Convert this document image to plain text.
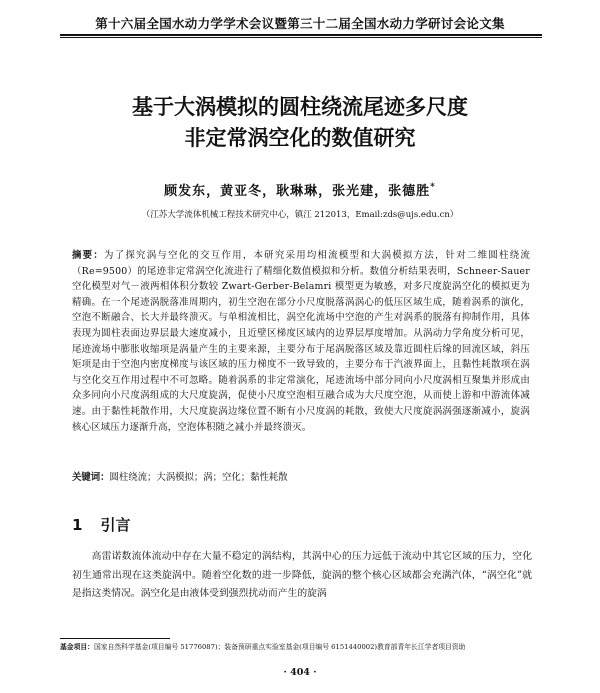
第十六届全国水动力学学术会议暨第三十二届全国水动力学研讨会论文集
基于大涡模拟的圆柱绕流尾迹多尺度
非定常涡空化的数值研究
顾发东，黄亚冬，耿琳琳，张光建，张德胜*
（江苏大学流体机械工程技术研究中心，镇江 212013，Email:zds@ujs.edu.cn）
摘要：为了探究涡与空化的交互作用，本研究采用均相流模型和大涡模拟方法，针对二维圆柱绕流（Re=9500）的尾迹非定常涡空化流进行了精细化数值模拟和分析。数值分析结果表明，Schneer-Sauer 空化模型对气－液两相体积分数较 Zwart-Gerber-Belamri 模型更为敏感，对多尺度旋涡空化的模拟更为精确。在一个尾迹涡脱落准周期内，初生空泡在部分小尺度脱落涡涡心的低压区域生成，随着涡系的演化，空泡不断融合、长大并最终溃灭。与单相流相比，涡空化流场中空泡的产生对涡系的脱落有抑制作用，具体表现为圆柱表面边界层最大速度减小，且近壁区梯度区域内的边界层厚度增加。从涡动力学角度分析可见，尾迹流场中膨胀收缩项是涡量产生的主要来源，主要分布于尾涡脱落区域及靠近圆柱后缘的回流区域，斜压矩项是由于空泡内密度梯度与该区域的压力梯度不一致导致的，主要分布于汽液界面上，且黏性耗散项在涡与空化交互作用过程中不可忽略。随着涡系的非定常演化，尾迹流场中部分同向小尺度涡相互聚集并形成由众多同向小尺度涡组成的大尺度旋涡，促使小尺度空泡相互融合成为大尺度空泡，从而使上游和中游流体减速。由于黏性耗散作用，大尺度旋涡边缘位置不断有小尺度涡的耗散，致使大尺度旋涡涡强逐渐减小，旋涡核心区域压力逐渐升高，空泡体积随之减小并最终溃灭。
关键词：圆柱绕流；大涡模拟；涡；空化；黏性耗散
1 引言
高雷诺数流体流动中存在大量不稳定的涡结构，其涡中心的压力远低于流动中其它区域的压力，空化初生通常出现在这类旋涡中。随着空化数的进一步降低，旋涡的整个核心区域都会充满汽体，“涡空化”就是指这类情况。涡空化是由液体受到强烈扰动而产生的旋涡
基金项目：国家自然科学基金(项目编号 51776087)；装备预研重点实验室基金(项目编号 6151440002)教育部青年长江学者项目资助
· 404 ·
